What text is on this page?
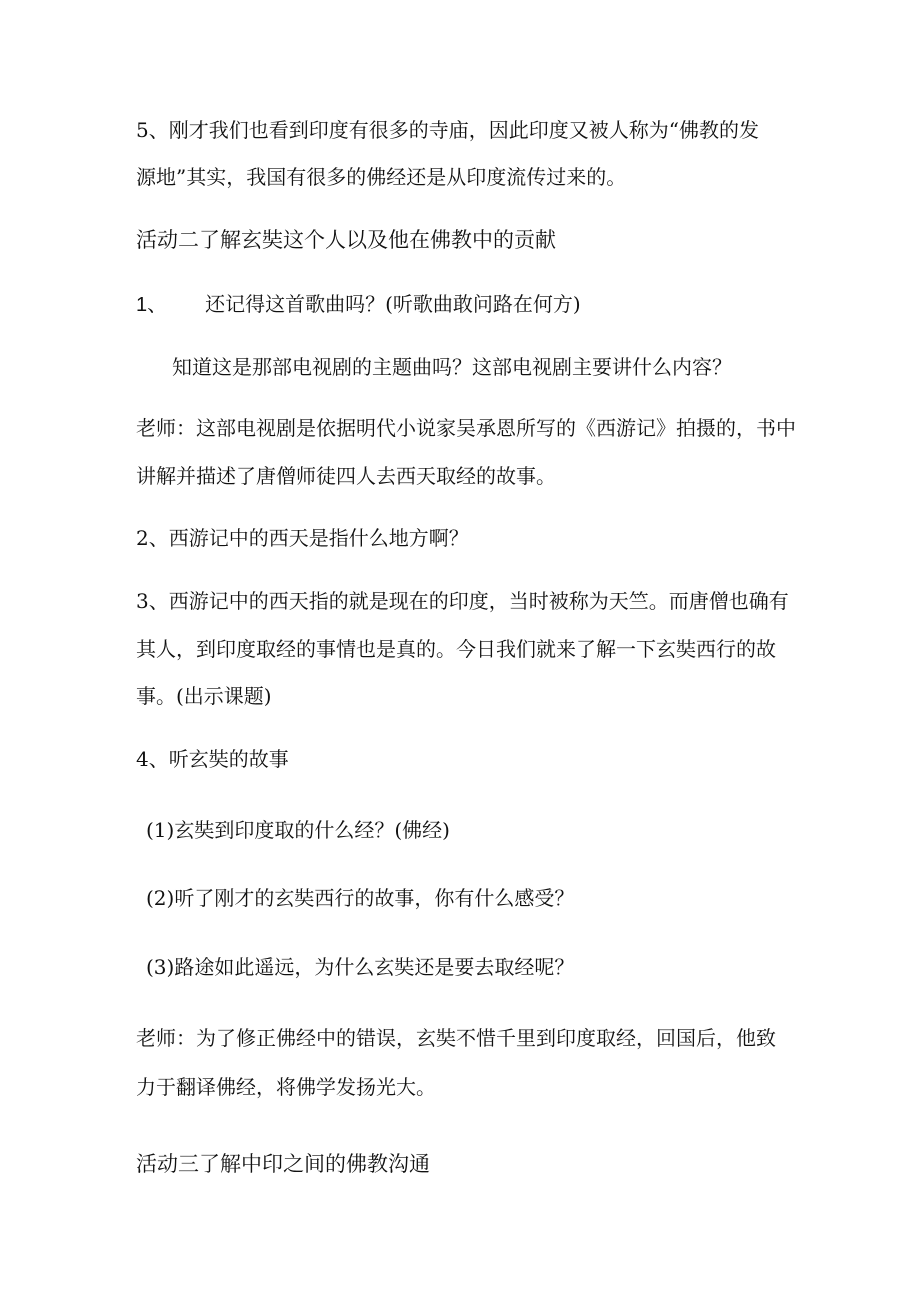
5、刚才我们也看到印度有很多的寺庙，因此印度又被人称为“佛教的发
源地”其实，我国有很多的佛经还是从印度流传过来的。
活动二了解玄奘这个人以及他在佛教中的贡献
1、 还记得这首歌曲吗？(听歌曲敢问路在何方)
知道这是那部电视剧的主题曲吗？这部电视剧主要讲什么内容？
老师：这部电视剧是依据明代小说家吴承恩所写的《西游记》拍摄的，书中
讲解并描述了唐僧师徒四人去西天取经的故事。
2、西游记中的西天是指什么地方啊？
3、西游记中的西天指的就是现在的印度，当时被称为天竺。而唐僧也确有
其人，到印度取经的事情也是真的。今日我们就来了解一下玄奘西行的故
事。(出示课题)
4、听玄奘的故事
(1)玄奘到印度取的什么经？(佛经)
(2)听了刚才的玄奘西行的故事，你有什么感受？
(3)路途如此遥远，为什么玄奘还是要去取经呢？
老师：为了修正佛经中的错误，玄奘不惜千里到印度取经，回国后，他致
力于翻译佛经，将佛学发扬光大。
活动三了解中印之间的佛教沟通
